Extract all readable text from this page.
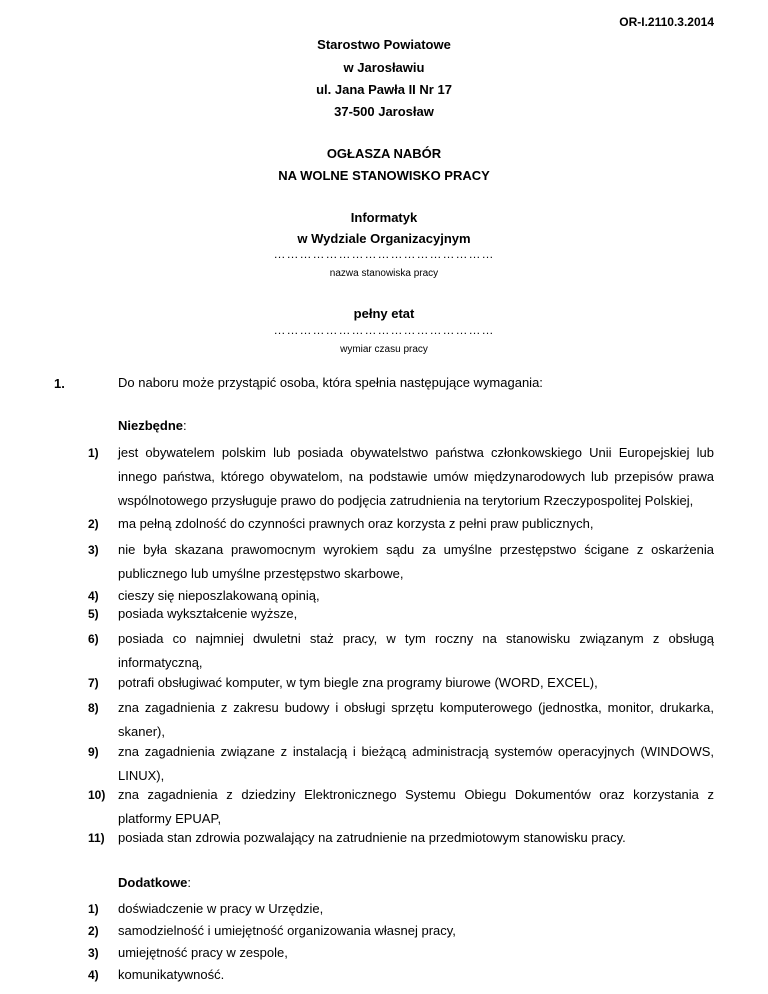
OR-I.2110.3.2014
Starostwo Powiatowe
w Jarosławiu
ul. Jana Pawła II Nr 17
37-500 Jarosław
OGŁASZA NABÓR
NA WOLNE STANOWISKO PRACY
Informatyk
w Wydziale Organizacyjnym
……………………………………………
nazwa stanowiska pracy
pełny etat
……………………………………………
wymiar czasu pracy
1.	Do naboru może przystąpić osoba, która spełnia następujące wymagania:
Niezbędne:
1) jest obywatelem polskim lub posiada obywatelstwo państwa członkowskiego Unii Europejskiej lub innego państwa, którego obywatelom, na podstawie umów międzynarodowych lub przepisów prawa wspólnotowego przysługuje prawo do podjęcia zatrudnienia na terytorium Rzeczypospolitej Polskiej,
2) ma pełną zdolność do czynności prawnych oraz korzysta z pełni praw publicznych,
3) nie była skazana prawomocnym wyrokiem sądu za umyślne przestępstwo ścigane z oskarżenia publicznego lub umyślne przestępstwo skarbowe,
4) cieszy się nieposzlakowaną opinią,
5) posiada wykształcenie wyższe,
6) posiada co najmniej dwuletni staż pracy, w tym roczny na stanowisku związanym z obsługą informatyczną,
7) potrafi obsługiwać komputer, w tym biegle zna programy biurowe (WORD, EXCEL),
8) zna zagadnienia z zakresu budowy i obsługi sprzętu komputerowego (jednostka, monitor, drukarka, skaner),
9) zna zagadnienia związane z instalacją i bieżącą administracją systemów operacyjnych (WINDOWS, LINUX),
10) zna zagadnienia z dziedziny Elektronicznego Systemu Obiegu Dokumentów oraz korzystania z platformy EPUAP,
11) posiada stan zdrowia pozwalający na zatrudnienie na przedmiotowym stanowisku pracy.
Dodatkowe:
1) doświadczenie w pracy w Urzędzie,
2) samodzielność i umiejętność organizowania własnej pracy,
3) umiejętność pracy w zespole,
4) komunikatywność.
